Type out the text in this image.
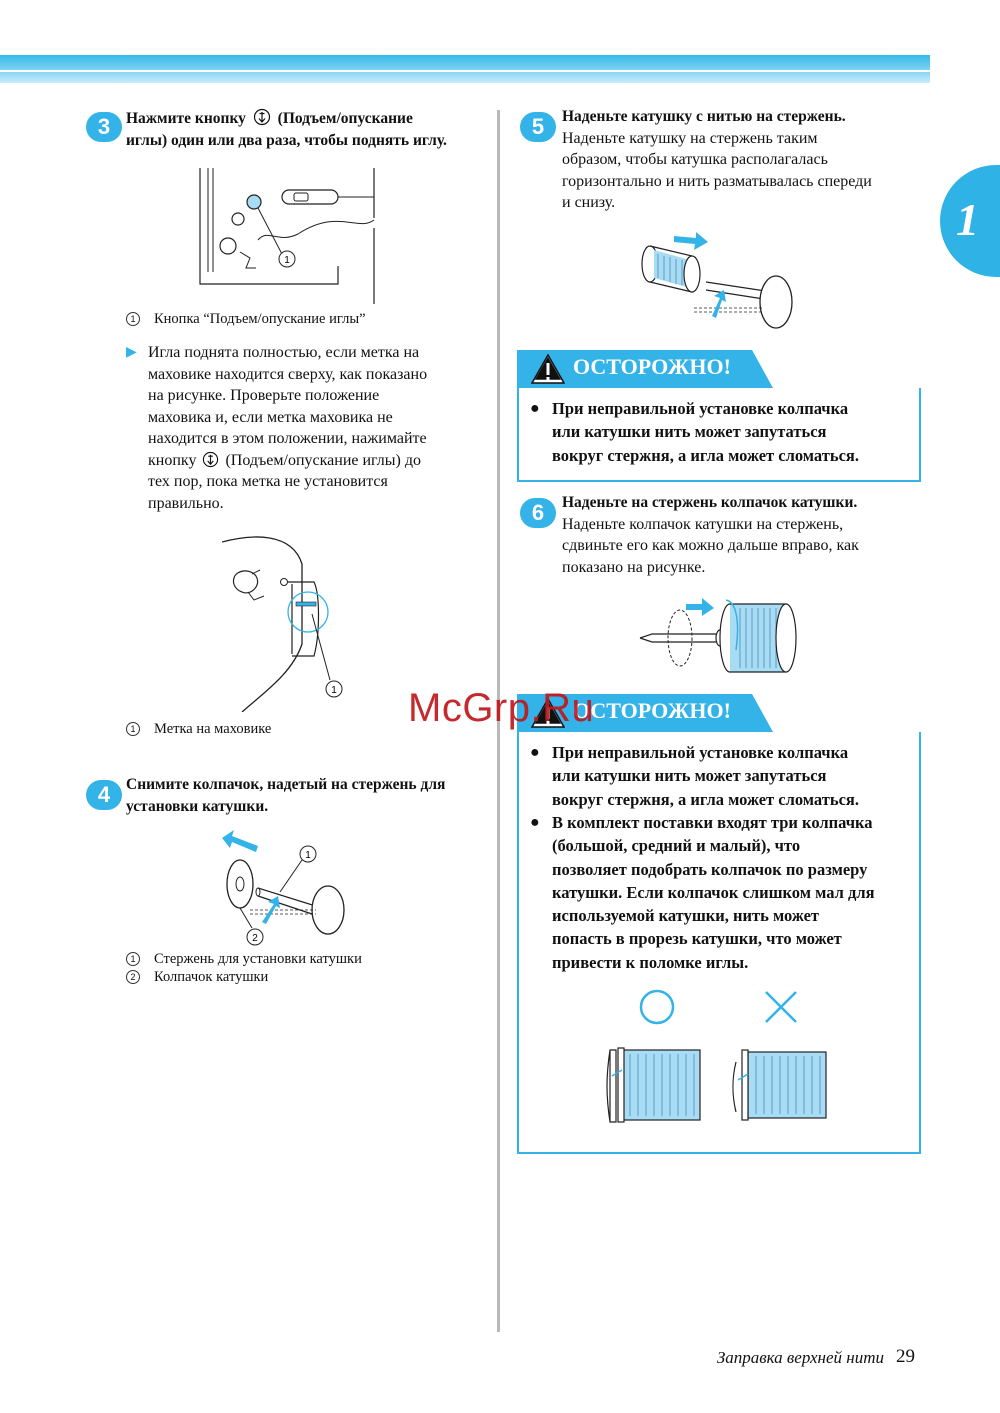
1
3	Нажмите кнопку (Подъем/опускание
иглы) один или два раза, чтобы поднять иглу.
1
1 Кнопка “Подъем/опускание иглы”
▶ Игла поднята полностью, если метка на
маховике находится сверху, как показано
на рисунке. Проверьте положение
маховика и, если метка маховика не
находится в этом положении, нажимайте
кнопку (Подъем/опускание иглы) до
тех пор, пока метка не установится
правильно.
1
1 Метка на маховике
4	Снимите колпачок, надетый на стержень для
установки катушки.
1
2
1 Стержень для установки катушки
2 Колпачок катушки
5	Наденьте катушку с нитью на стержень.
Наденьте катушку на стержень таким
образом, чтобы катушка располагалась
горизонтально и нить разматывалась спереди
и снизу.
ОСТОРОЖНО!
● При неправильной установке колпачка
или катушки нить может запутаться
вокруг стержня, а игла может сломаться.
6	Наденьте на стержень колпачок катушки.
Наденьте колпачок катушки на стержень,
сдвиньте его как можно дальше вправо, как
показано на рисунке.
ОСТОРОЖНО!
● При неправильной установке колпачка
или катушки нить может запутаться
вокруг стержня, а игла может сломаться.
● В комплект поставки входят три колпачка
(большой, средний и малый), что
позволяет подобрать колпачок по размеру
катушки. Если колпачок слишком мал для
используемой катушки, нить может
попасть в прорезь катушки, что может
привести к поломке иглы.
McGrp.Ru
Заправка верхней нити 29
